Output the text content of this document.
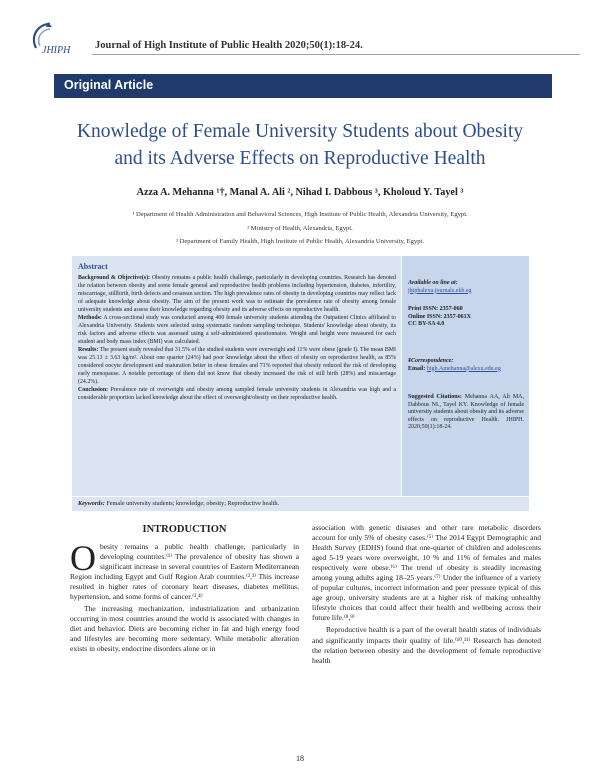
JHIPH Journal of High Institute of Public Health 2020;50(1):18-24.
Original Article
Knowledge of Female University Students about Obesity
and its Adverse Effects on Reproductive Health
Azza A. Mehanna ¹†, Manal A. Ali ², Nihad I. Dabbous ³, Kholoud Y. Tayel ³
¹ Department of Health Administration and Behavioral Sciences, High Institute of Public Health, Alexandria University, Egypt.
² Ministry of Health, Alexandria, Egypt.
³ Department of Family Health, High Institute of Public Health, Alexandria University, Egypt.
Abstract

Background & Objective(s): Obesity remains a public health challenge, particularly in developing countries. Research has denoted the relation between obesity and some female general and reproductive health problems including hypertension, diabetes, infertility, miscarriage, stillbirth, birth defects and cesarean section. The high prevalence rates of obesity in developing countries may reflect lack of adequate knowledge about obesity. The aim of the present work was to estimate the prevalence rate of obesity among female university students and assess their knowledge regarding obesity and its adverse effects on reproductive health.

Methods: A cross-sectional study was conducted among 400 female university students attending the Outpatient Clinics affiliated to Alexandria University. Students were selected using systematic random sampling technique. Students' knowledge about obesity, its risk factors and adverse effects was assessed using a self-administered questionnaire. Weight and height were measured for each student and body mass index (BMI) was calculated.

Results: The present study revealed that 31.5% of the studied students were overweight and 11% were obese (grade I). The mean BMI was 25.13 ± 3.63 kg/m². About one quarter (24%) had poor knowledge about the effect of obesity on reproductive health, as 85% considered oocyte development and maturation better in obese females and 71% reported that obesity reduced the risk of developing early menopause. A notable percentage of them did not know that obesity increased the risk of still birth (28%) and miscarriage (24.2%).

Conclusion: Prevalence rate of overweight and obesity among sampled female university students in Alexandria was high and a considerable proportion lacked knowledge about the effect of overweight/obesity on their reproductive health.

Available on line at:
jhiphalexu.journals.ekb.eg
Print ISSN: 2357-060
Online ISSN: 2357-061X
CC BY-SA 4.0
¥Correspondence:
Email: high.Amehanna@alexu.edu.eg
Suggested Citations: Mehanna AA, Ali MA, Dabbous NI., Tayel KY. Knowledge of female university students about obesity and its adverse effects on reproductive Health. JHIPH. 2020;50(1):18-24.
Keywords: Female university students; knowledge; obesity; Reproductive health.
INTRODUCTION

Obesity remains a public health challenge, particularly in developing countries.⁽¹⁾ The prevalence of obesity has shown a significant increase in several countries of Eastern Mediterranean Region including Egypt and Gulf Region Arab countries.⁽²,³⁾ This increase resulted in higher rates of coronary heart diseases, diabetes mellitus, hypertension, and some forms of cancer.⁽³,⁴⁾

The increasing mechanization, industrialization and urbanization occurring in most countries around the world is associated with changes in diet and behavior. Diets are becoming richer in fat and high energy food and lifestyles are becoming more sedentary. While metabolic alteration exists in obesity, endocrine disorders alone or in

association with genetic diseases and other rare metabolic disorders account for only 5% of obesity cases.⁽⁵⁾ The 2014 Egypt Demographic and Health Survey (EDHS) found that one-quarter of children and adolescents aged 5-19 years were overweight, 10 % and 11% of females and males respectively were obese.⁽⁶⁾ The trend of obesity is steadily increasing among young adults aging 18–25 years.⁽⁷⁾ Under the influence of a variety of popular cultures, incorrect information and peer pressure typical of this age group, university students are at a higher risk of making unhealthy lifestyle choices that could affect their health and wellbeing across their future life.⁽⁸,⁹⁾

Reproductive health is a part of the overall health status of individuals and significantly impacts their quality of life.⁽¹⁰,¹¹⁾ Research has denoted the relation between obesity and the development of female reproductive health

18
